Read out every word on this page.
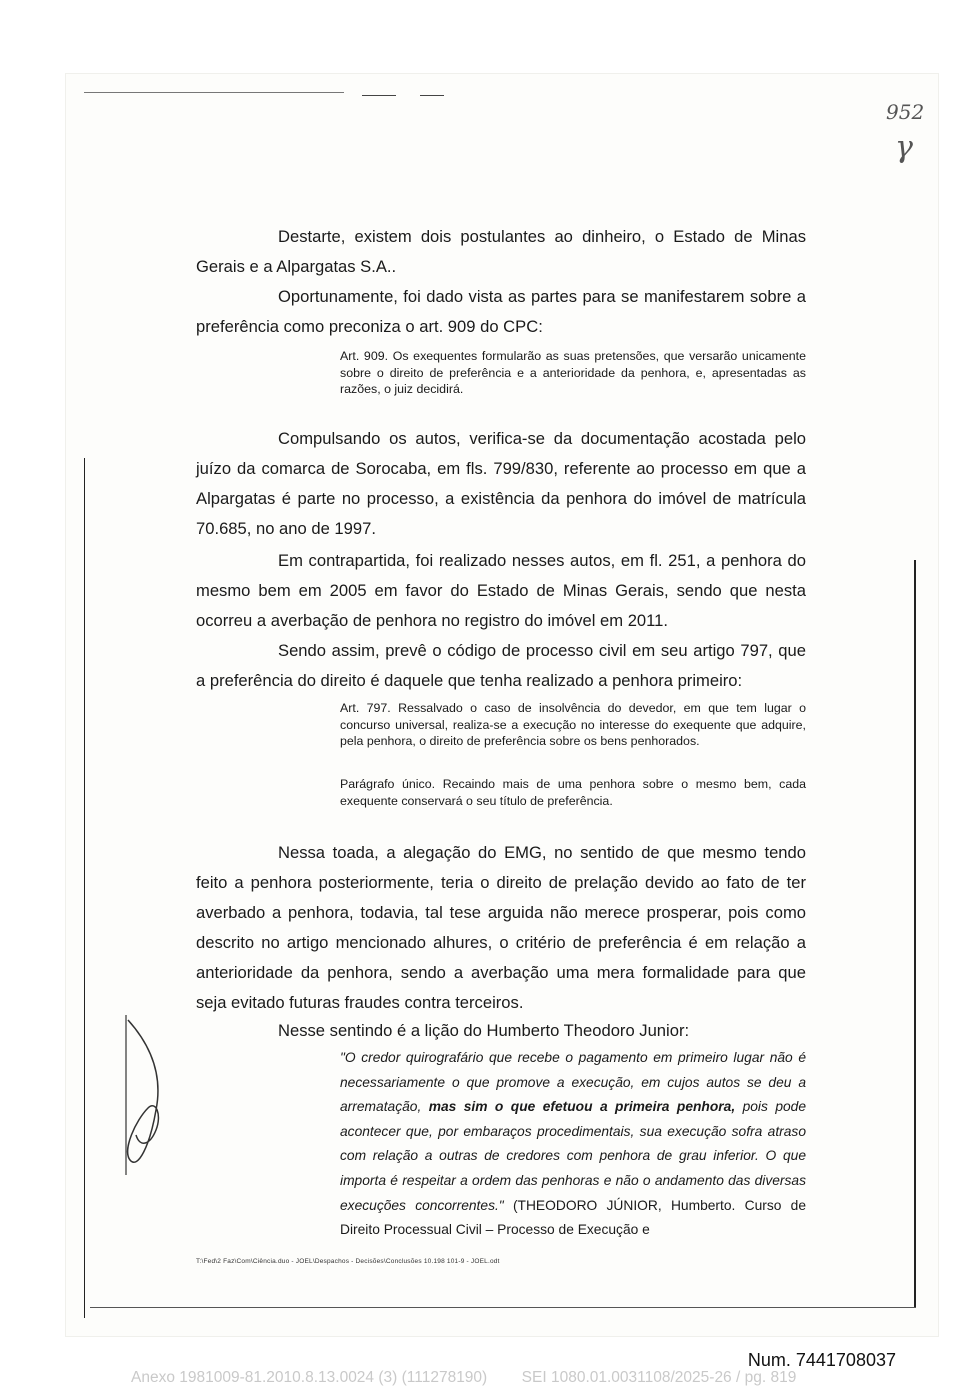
952
γ

Destarte, existem dois postulantes ao dinheiro, o Estado de Minas Gerais e a Alpargatas S.A..

Oportunamente, foi dado vista as partes para se manifestarem sobre a preferência como preconiza o art. 909 do CPC:

Art. 909. Os exequentes formularão as suas pretensões, que versarão unicamente sobre o direito de preferência e a anterioridade da penhora, e, apresentadas as razões, o juiz decidirá.

Compulsando os autos, verifica-se da documentação acostada pelo juízo da comarca de Sorocaba, em fls. 799/830, referente ao processo em que a Alpargatas é parte no processo, a existência da penhora do imóvel de matrícula 70.685, no ano de 1997.

Em contrapartida, foi realizado nesses autos, em fl. 251, a penhora do mesmo bem em 2005 em favor do Estado de Minas Gerais, sendo que nesta ocorreu a averbação de penhora no registro do imóvel em 2011.

Sendo assim, prevê o código de processo civil em seu artigo 797, que a preferência do direito é daquele que tenha realizado a penhora primeiro:

Art. 797. Ressalvado o caso de insolvência do devedor, em que tem lugar o concurso universal, realiza-se a execução no interesse do exequente que adquire, pela penhora, o direito de preferência sobre os bens penhorados.

Parágrafo único. Recaindo mais de uma penhora sobre o mesmo bem, cada exequente conservará o seu título de preferência.

Nessa toada, a alegação do EMG, no sentido de que mesmo tendo feito a penhora posteriormente, teria o direito de prelação devido ao fato de ter averbado a penhora, todavia, tal tese arguida não merece prosperar, pois como descrito no artigo mencionado alhures, o critério de preferência é em relação a anterioridade da penhora, sendo a averbação uma mera formalidade para que seja evitado futuras fraudes contra terceiros.

Nesse sentindo é a lição do Humberto Theodoro Junior:

"O credor quirografário que recebe o pagamento em primeiro lugar não é necessariamente o que promove a execução, em cujos autos se deu a arrematação, mas sim o que efetuou a primeira penhora, pois pode acontecer que, por embaraços procedimentais, sua execução sofra atraso com relação a outras de credores com penhora de grau inferior. O que importa é respeitar a ordem das penhoras e não o andamento das diversas execuções concorrentes." (THEODORO JÚNIOR, Humberto. Curso de Direito Processual Civil – Processo de Execução e

T:\Fed\2 Faz\Com\Ciência.duo - JOEL\Despachos - Decisões\Conclusões 10.198 101-9 - JOEL.odt
Num. 7441708037
Anexo 1981009-81.2010.8.13.0024 (3) (111278190) SEI 1080.01.0031108/2025-26 / pg. 819
